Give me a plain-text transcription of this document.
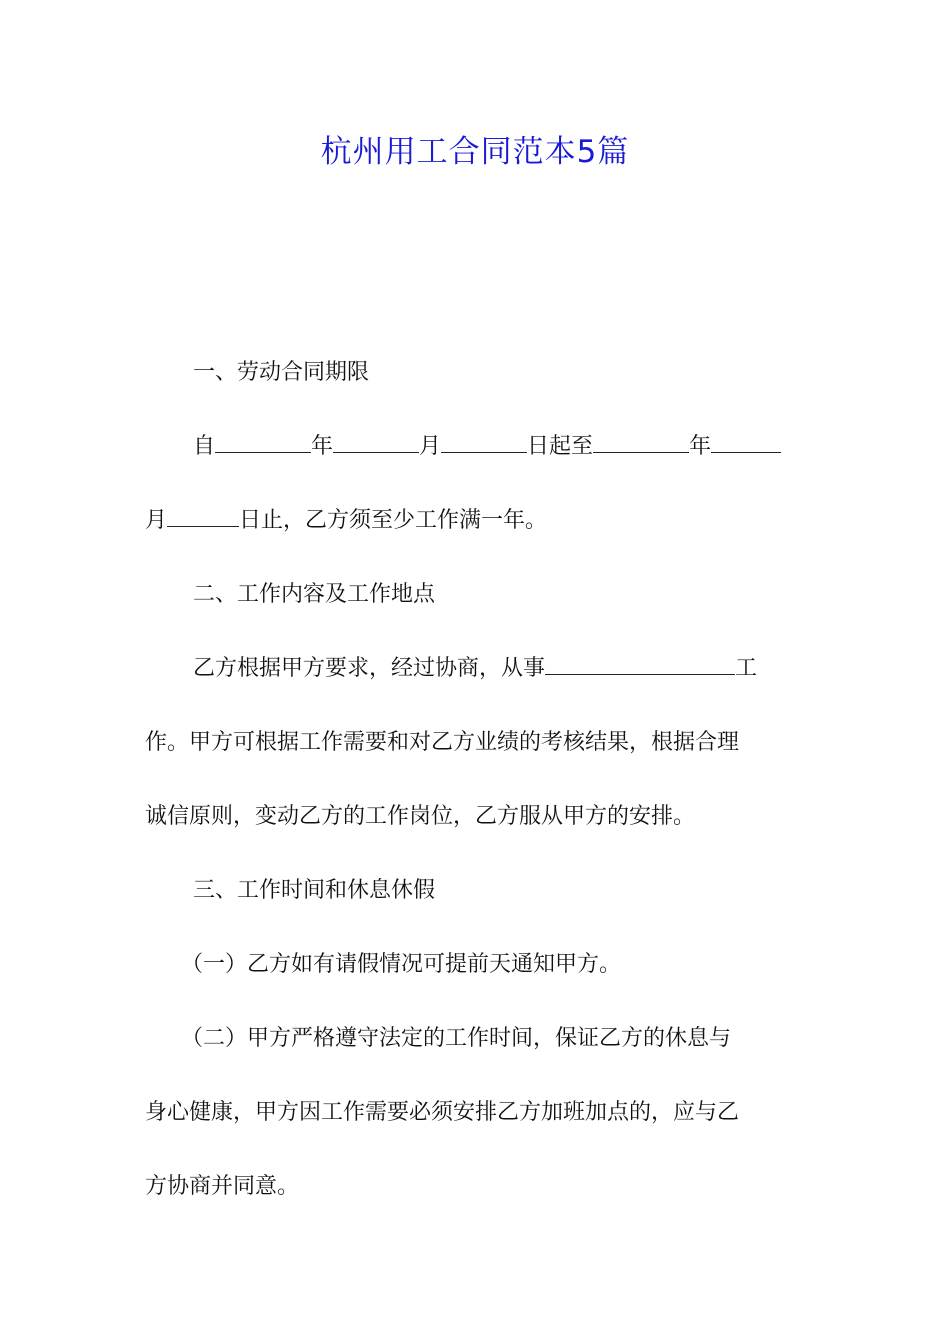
杭州用工合同范本5篇

一、劳动合同期限

自	年	月	日起至	年

月	日止，乙方须至少工作满一年。

二、工作内容及工作地点

乙方根据甲方要求，经过协商，从事	工

作。甲方可根据工作需要和对乙方业绩的考核结果，根据合理

诚信原则，变动乙方的工作岗位，乙方服从甲方的安排。

三、工作时间和休息休假

（一）乙方如有请假情况可提前天通知甲方。

（二）甲方严格遵守法定的工作时间，保证乙方的休息与

身心健康，甲方因工作需要必须安排乙方加班加点的，应与乙

方协商并同意。
